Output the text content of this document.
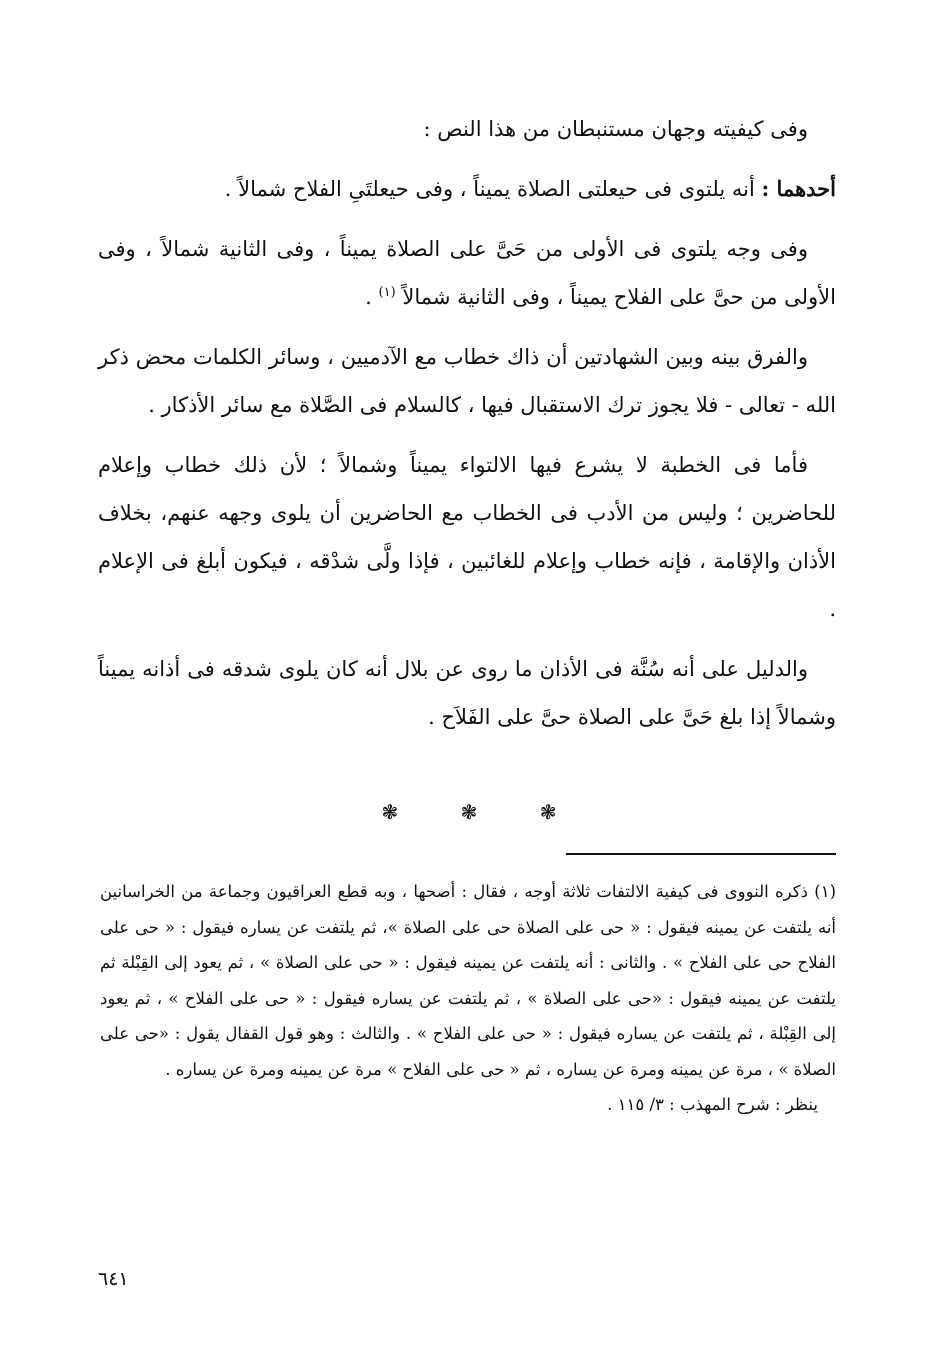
وفى كيفيته وجهان مستنبطان من هذا النص :

أحدهما : أنه يلتوى فى حيعلتى الصلاة يميناً ، وفى حيعلتَىِ الفلاح شمالاً .

وفى وجه يلتوى فى الأولى من حَىَّ على الصلاة يميناً ، وفى الثانية شمالاً ، وفى الأولى من حىَّ على الفلاح يميناً ، وفى الثانية شمالاً $^{(١)}$ .

والفرق بينه وبين الشهادتين أن ذاك خطاب مع الآدميين ، وسائر الكلمات محض ذكر الله - تعالى - فلا يجوز ترك الاستقبال فيها ، كالسلام فى الصَّلاة مع سائر الأذكار .

فأما فى الخطبة لا يشرع فيها الالتواء يميناً وشمالاً ؛ لأن ذلك خطاب وإعلام للحاضرين ؛ وليس من الأدب فى الخطاب مع الحاضرين أن يلوى وجهه عنهم، بخلاف الأذان والإقامة ، فإنه خطاب وإعلام للغائبين ، فإذا ولَّى شدْقه ، فيكون أبلغ فى الإعلام .

والدليل على أنه سُنَّة فى الأذان ما روى عن بلال أنه كان يلوى شدقه فى أذانه يميناً وشمالاً إذا بلغ حَىَّ على الصلاة حىَّ على الفَلاَح .

❃	❃	❃

(١) ذكره النووى فى كيفية الالتفات ثلاثة أوجه ، فقال : أصحها ، وبه قطع العراقيون وجماعة من الخراسانين أنه يلتفت عن يمينه فيقول : « حى على الصلاة حى على الصلاة »، ثم يلتفت عن يساره فيقول : « حى على الفلاح حى على الفلاح » . والثانى : أنه يلتفت عن يمينه فيقول : « حى على الصلاة » ، ثم يعود إلى القِبْلة ثم يلتفت عن يمينه فيقول : «حى على الصلاة » ، ثم يلتفت عن يساره فيقول : « حى على الفلاح » ، ثم يعود إلى القِبْلة ، ثم يلتفت عن يساره فيقول : « حى على الفلاح » . والثالث : وهو قول القفال يقول : «حى على الصلاة » ، مرة عن يمينه ومرة عن يساره ، ثم « حى على الفلاح » مرة عن يمينه ومرة عن يساره .

ينظر : شرح المهذب : ٣/ ١١٥ .

٦٤١
